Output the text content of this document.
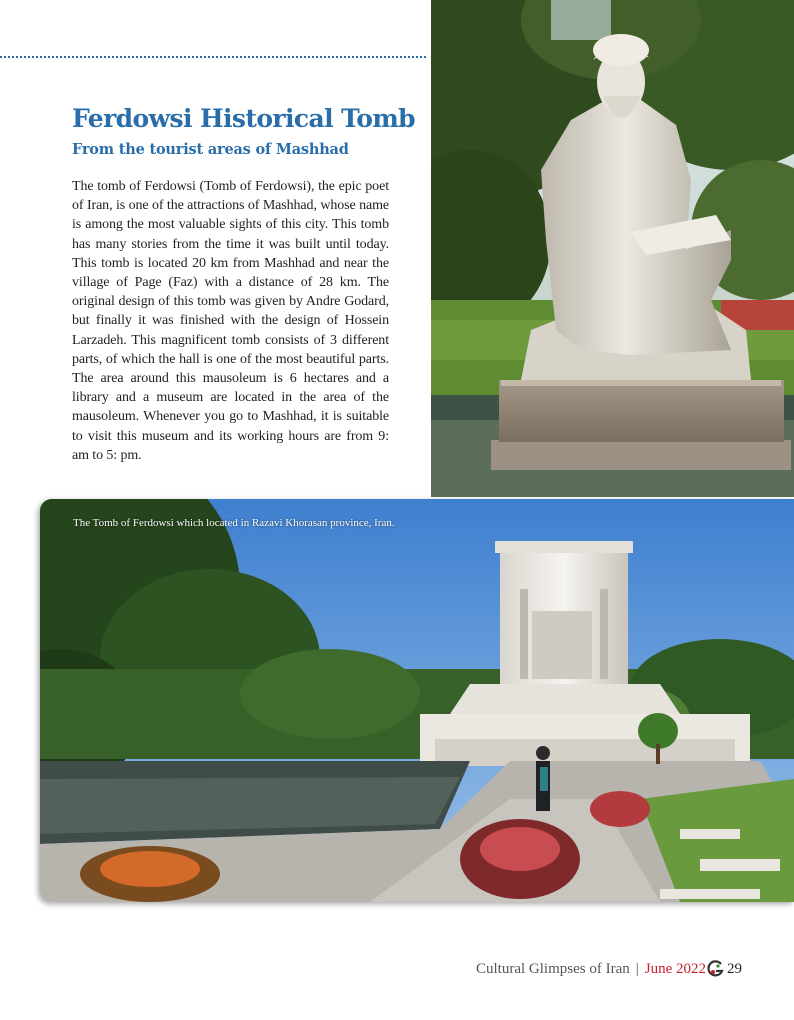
Ferdowsi Historical Tomb
From the tourist areas of Mashhad

The tomb of Ferdowsi (Tomb of Ferdowsi), the epic poet of Iran, is one of the attractions of Mashhad, whose name is among the most valuable sights of this city. This tomb has many stories from the time it was built until today. This tomb is located 20 km from Mashhad and near the village of Page (Faz) with a distance of 28 km. The original design of this tomb was given by Andre Godard, but finally it was finished with the design of Hossein Larzadeh. This magnificent tomb consists of 3 different parts, of which the hall is one of the most beautiful parts. The area around this mausoleum is 6 hectares and a library and a museum are located in the area of the mausoleum. Whenever you go to Mashhad, it is suitable to visit this museum and its working hours are from 9: am to 5: pm.

The Tomb of Ferdowsi which located in Razavi Khorasan province, Iran.

Cultural Glimpses of Iran | June 2022 29
